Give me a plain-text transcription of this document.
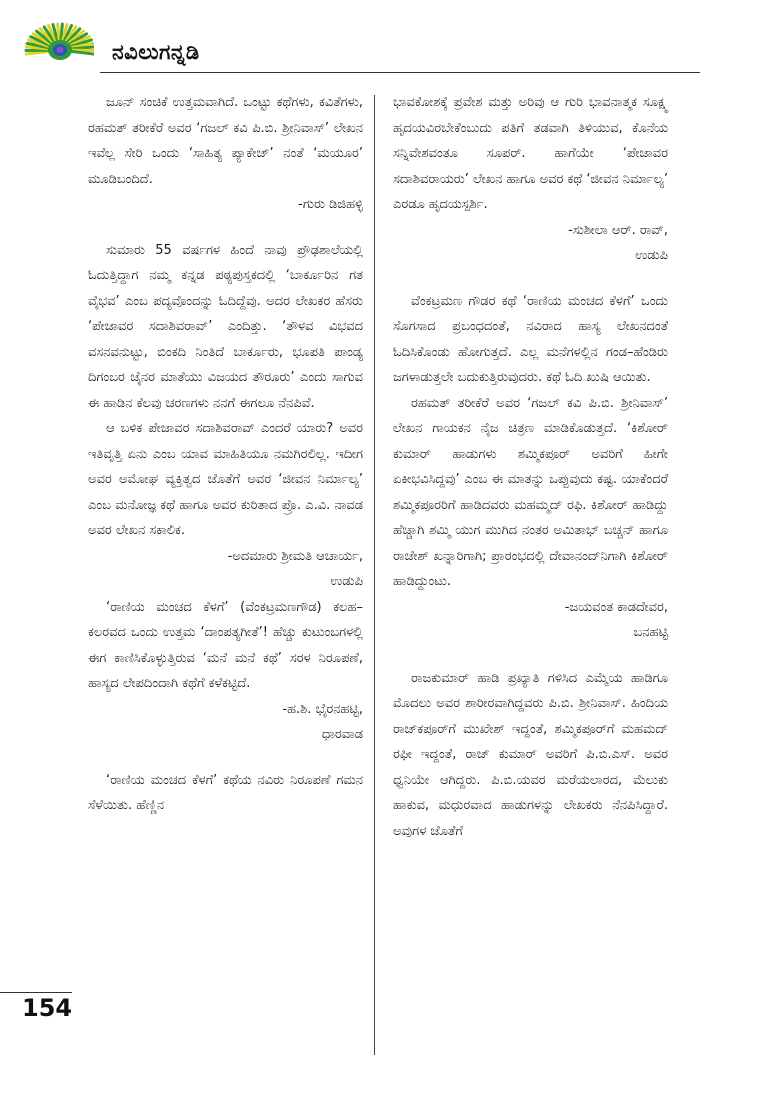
ನವಿಲುಗನ್ನಡಿ
ಜೂನ್ ಸಂಚಿಕೆ ಉತ್ತಮವಾಗಿದೆ. ಒಂಟ್ಟು ಕಥೆಗಳು, ಕವಿತೆಗಳು, ರಹಮತ್ ತರೀಕೆರೆ ಅವರ ‘ಗಜಲ್ ಕವಿ ಪಿ.ಬಿ. ಶ್ರೀನಿವಾಸ್’ ಲೇಖನ ಇವೆಲ್ಲ ಸೇರಿ ಒಂದು ‘ಸಾಹಿತ್ಯ ಪ್ಯಾಕೇಜ್’ ನಂತೆ ‘ಮಯೂರ’ ಮೂಡಿಬಂದಿದೆ.
-ಗುರು ಡಿಜಿಹಳ್ಳಿ
ಸುಮಾರು 55 ವರ್ಷಗಳ ಹಿಂದೆ ನಾವು ಪ್ರೌಢಶಾಲೆಯಲ್ಲಿ ಓದುತ್ತಿದ್ದಾಗ ನಮ್ಮ ಕನ್ನಡ ಪಠ್ಯಪುಸ್ತಕದಲ್ಲಿ ‘ಬಾರ್ಕೂರಿನ ಗತ ವೈಭವ’ ಎಂಬ ಪದ್ಯವೊಂದನ್ನು ಓದಿದ್ದೆವು. ಅದರ ಲೇಖಕರ ಹೆಸರು ‘ಪೇಜಾವರ ಸದಾಶಿವರಾವ್’ ಎಂದಿತ್ತು. ‘ತೌಳವ ವಿಭವದ ವಸನವನುಟ್ಟು, ಬಿಂಕದಿ ನಿಂತಿದೆ ಬಾರ್ಕೂರು, ಭೂಪತಿ ಪಾಂಡ್ಯ ದಿಗಂಬರ ಜೈನರ ಮಾತೆಯು ವಿಜಯದ ತೌರೂರು’ ಎಂದು ಸಾಗುವ ಈ ಹಾಡಿನ ಕೆಲವು ಚರಣಗಳು ನನಗೆ ಈಗಲೂ ನೆನಪಿವೆ.
ಆ ಬಳಿಕ ಪೇಜಾವರ ಸದಾಶಿವರಾವ್ ಎಂದರೆ ಯಾರು? ಅವರ ಇತಿವೃತ್ತಿ ಏನು ಎಂಬ ಯಾವ ಮಾಹಿತಿಯೂ ನಮಗಿರಲಿಲ್ಲ. ಇದೀಗ ಅವರ ಅಮೋಘ ವ್ಯಕ್ತಿತ್ವದ ಜೊತೆಗೆ ಅವರ ‘ಜೀವನ ನಿರ್ಮಾಲ್ಯ’ ಎಂಬ ಮನೋಜ್ಞ ಕಥೆ ಹಾಗೂ ಅವರ ಕುರಿತಾದ ಪ್ರೊ. ಎ.ವಿ. ನಾವಡ ಅವರ ಲೇಖನ ಸಕಾಲಿಕ.
-ಅದಮಾರು ಶ್ರೀಮತಿ ಆಚಾರ್ಯ,
ಉಡುಪಿ
‘ರಾಣಿಯ ಮಂಚದ ಕೆಳಗೆ’ (ವೆಂಕಟ್ರಮಣಗೌಡ) ಕಲಹ–ಕಲರವದ ಒಂದು ಉತ್ತಮ ‘ದಾಂಪತ್ಯಗೀತೆ’! ಹೆಚ್ಚು ಕುಟುಂಬಗಳಲ್ಲಿ ಈಗ ಕಾಣಿಸಿಕೊಳ್ಳುತ್ತಿರುವ ‘ಮನೆ ಮನೆ ಕಥೆ’ ಸರಳ ನಿರೂಪಣೆ, ಹಾಸ್ಯದ ಲೇಪದಿಂದಾಗಿ ಕಥೆಗೆ ಕಳೆಕಟ್ಟಿದೆ.
-ಹ.ಶಿ. ಭೈರನಹಟ್ಟಿ,
ಧಾರವಾಡ
‘ರಾಣಿಯ ಮಂಚದ ಕೆಳಗೆ’ ಕಥೆಯ ನವಿರು ನಿರೂಪಣೆ ಗಮನ ಸೆಳೆಯಿತು. ಹೆಣ್ಣಿನ
ಭಾವಕೋಶಕ್ಕೆ ಪ್ರವೇಶ ಮತ್ತು ಅರಿವು ಆ ಗುರಿ ಭಾವನಾತ್ಮಕ ಸೂಕ್ಷ್ಮ ಹೃದಯವಿರಬೇಕೆಂಬುದು ಪತಿಗೆ ತಡವಾಗಿ ತಿಳಿಯುವ, ಕೊನೆಯ ಸನ್ನಿವೇಶವಂತೂ ಸೂಪರ್. ಹಾಗೆಯೇ ‘ಪೇಜಾವರ ಸದಾಶಿವರಾಯರು’ ಲೇಖನ ಹಾಗೂ ಅವರ ಕಥೆ ‘ಜೀವನ ನಿರ್ಮಾಲ್ಯ’ ಎರಡೂ ಹೃದಯಸ್ಪರ್ಶಿ.
-ಸುಶೀಲಾ ಆರ್. ರಾವ್,
ಉಡುಪಿ
ವೆಂಕಟ್ರಮಣ ಗೌಡರ ಕಥೆ ‘ರಾಣಿಯ ಮಂಚದ ಕೆಳಗೆ’ ಒಂದು ಸೊಗಸಾದ ಪ್ರಬಂಧದಂತೆ, ನವಿರಾದ ಹಾಸ್ಯ ಲೇಖನದಂತೆ ಓದಿಸಿಕೊಂಡು ಹೋಗುತ್ತದೆ. ಎಲ್ಲ ಮನೆಗಳಲ್ಲಿನ ಗಂಡ–ಹೆಂಡಿರು ಜಗಳಾಡುತ್ತಲೇ ಬದುಕುತ್ತಿರುವುದರು. ಕಥೆ ಓದಿ ಖುಷಿ ಆಯಿತು.
ರಹಮತ್ ತರೀಕೆರೆ ಅವರ ‘ಗಜಲ್ ಕವಿ ಪಿ.ಬಿ. ಶ್ರೀನಿವಾಸ್’ ಲೇಖನ ಗಾಯಕನ ನೈಜ ಚಿತ್ರಣ ಮಾಡಿಕೊಡುತ್ತದೆ. ‘ಕಿಶೋರ್ ಕುಮಾರ್ ಹಾಡುಗಳು ಶಮ್ಮಿಕಪೂರ್ ಅವರಿಗೆ ಹೀಗೇ ಏಕೀಭವಿಸಿದ್ದವು’ ಎಂಬ ಈ ಮಾತನ್ನು ಒಪ್ಪುವುದು ಕಷ್ಟ. ಯಾಕೆಂದರೆ ಶಮ್ಮಿಕಪೂರರಿಗೆ ಹಾಡಿದವರು ಮಹಮ್ಮದ್ ರಫಿ. ಕಿಶೋರ್ ಹಾಡಿದ್ದು ಹೆಚ್ಚಾಗಿ ಶಮ್ಮಿ ಯುಗ ಮುಗಿದ ನಂತರ ಅಮಿತಾಭ್ ಬಚ್ಚನ್ ಹಾಗೂ ರಾಜೇಶ್ ಖನ್ನಾರಿಗಾಗಿ; ಪ್ರಾರಂಭದಲ್ಲಿ ದೇವಾನಂದ್‌ನಿಗಾಗಿ ಕಿಶೋರ್ ಹಾಡಿದ್ದುಂಟು.
-ಜಯವಂತ ಕಾಡದೇವರ,
ಬನಹಟ್ಟಿ
ರಾಜಕುಮಾರ್ ಹಾಡಿ ಪ್ರಖ್ಯಾತಿ ಗಳಿಸಿದ ಎಮ್ಮೆಯ ಹಾಡಿಗೂ ಮೊದಲು ಅವರ ಶಾರೀರವಾಗಿದ್ದವರು ಪಿ.ಬಿ. ಶ್ರೀನಿವಾಸ್. ಹಿಂದಿಯ ರಾಜ್‌ಕಪೂರ್‌ಗೆ ಮುಖೇಶ್ ಇದ್ದಂತೆ, ಶಮ್ಮಿಕಪೂರ್‌ಗೆ ಮಹಮದ್ ರಫೀ ಇದ್ದಂತೆ, ರಾಜ್ ಕುಮಾರ್ ಅವರಿಗೆ ಪಿ.ಬಿ.ಎಸ್. ಅವರ ಧ್ವನಿಯೇ ಆಗಿದ್ದರು. ಪಿ.ಬಿ.ಯವರ ಮರೆಯಲಾರದ, ಮೆಲುಕು ಹಾಕುವ, ಮಧುರವಾದ ಹಾಡುಗಳನ್ನು ಲೇಖಕರು ನೆನಪಿಸಿದ್ದಾರೆ. ಅವುಗಳ ಜೊತೆಗೆ
154
